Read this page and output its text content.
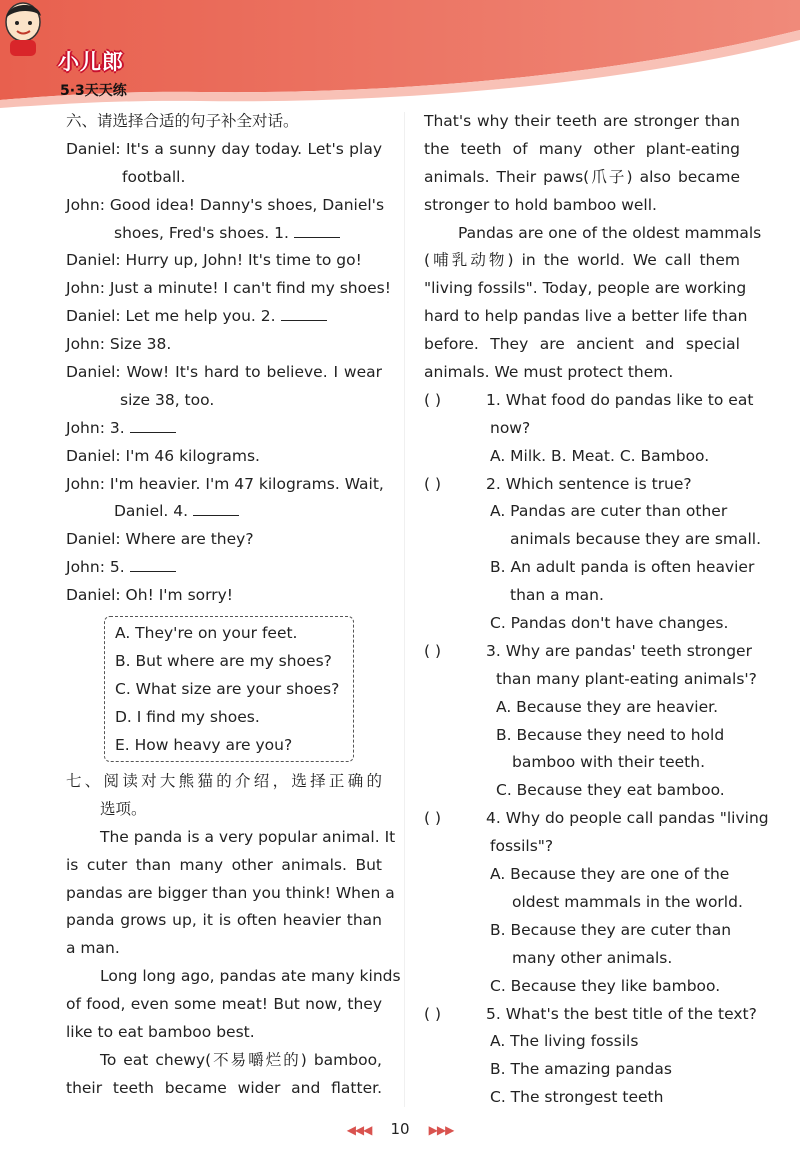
小儿郎
5·3天天练
六、请选择合适的句子补全对话。
Daniel: It's a sunny day today. Let's play
football.
John: Good idea! Danny's shoes, Daniel's
shoes, Fred's shoes. 1.
Daniel: Hurry up, John! It's time to go!
John: Just a minute! I can't find my shoes!
Daniel: Let me help you. 2.
John: Size 38.
Daniel: Wow! It's hard to believe. I wear
size 38, too.
John: 3.
Daniel: I'm 46 kilograms.
John: I'm heavier. I'm 47 kilograms. Wait,
Daniel. 4.
Daniel: Where are they?
John: 5.
Daniel: Oh! I'm sorry!
A. They're on your feet.
B. But where are my shoes?
C. What size are your shoes?
D. I find my shoes.
E. How heavy are you?
七、阅读对大熊猫的介绍，选择正确的
选项。
The panda is a very popular animal. It
is cuter than many other animals. But
pandas are bigger than you think! When a
panda grows up, it is often heavier than
a man.
Long long ago, pandas ate many kinds
of food, even some meat! But now, they
like to eat bamboo best.
To eat chewy(不易嚼烂的) bamboo,
their teeth became wider and flatter.
That's why their teeth are stronger than
the teeth of many other plant-eating
animals. Their paws(爪子) also became
stronger to hold bamboo well.
Pandas are one of the oldest mammals
(哺乳动物) in the world. We call them
"living fossils". Today, people are working
hard to help pandas live a better life than
before. They are ancient and special
animals. We must protect them.
( )	1. What food do pandas like to eat
now?
A. Milk. B. Meat. C. Bamboo.
( )	2. Which sentence is true?
A. Pandas are cuter than other
animals because they are small.
B. An adult panda is often heavier
than a man.
C. Pandas don't have changes.
( )	3. Why are pandas' teeth stronger
than many plant-eating animals'?
A. Because they are heavier.
B. Because they need to hold
bamboo with their teeth.
C. Because they eat bamboo.
( )	4. Why do people call pandas "living
fossils"?
A. Because they are one of the
oldest mammals in the world.
B. Because they are cuter than
many other animals.
C. Because they like bamboo.
( )	5. What's the best title of the text?
A. The living fossils
B. The amazing pandas
C. The strongest teeth
◀◀◀ 10 ▶▶▶
